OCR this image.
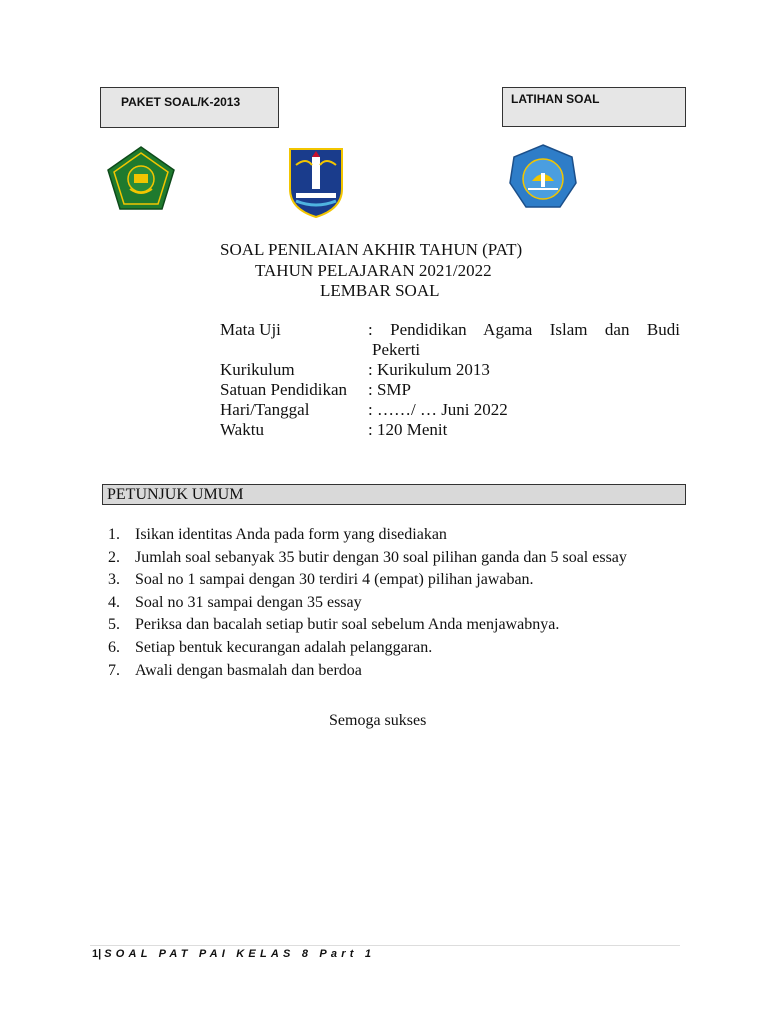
PAKET SOAL/K-2013	LATIHAN SOAL
SOAL PENILAIAN AKHIR TAHUN (PAT)
TAHUN PELAJARAN 2021/2022
LEMBAR SOAL
Mata Uji	: Pendidikan Agama Islam dan Budi
Pekerti
Kurikulum	: Kurikulum 2013
Satuan Pendidikan	: SMP
Hari/Tanggal	: ……/ … Juni 2022
Waktu	: 120 Menit
PETUNJUK UMUM
1. Isikan identitas Anda pada form yang disediakan
2. Jumlah soal sebanyak 35 butir dengan 30 soal pilihan ganda dan 5 soal essay
3. Soal no 1 sampai dengan 30 terdiri 4 (empat) pilihan jawaban.
4. Soal no 31 sampai dengan 35 essay
5. Periksa dan bacalah setiap butir soal sebelum Anda menjawabnya.
6. Setiap bentuk kecurangan adalah pelanggaran.
7. Awali dengan basmalah dan berdoa
Semoga sukses
1| SOAL PAT PAI KELAS 8 Part 1
